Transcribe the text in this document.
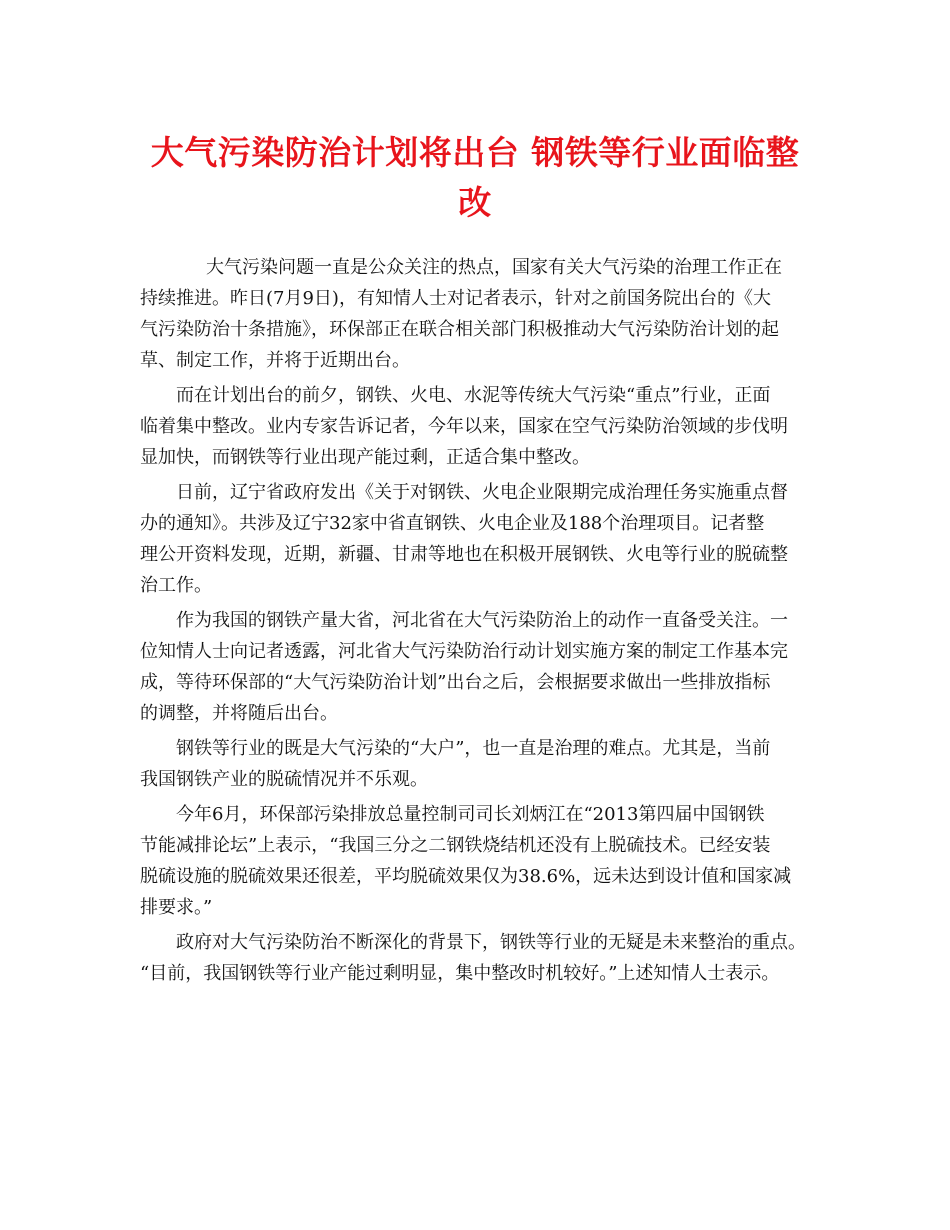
大气污染防治计划将出台 钢铁等行业面临整
改

大气污染问题一直是公众关注的热点，国家有关大气污染的治理工作正在
持续推进。昨日(7月9日)，有知情人士对记者表示，针对之前国务院出台的《大
气污染防治十条措施》，环保部正在联合相关部门积极推动大气污染防治计划的起
草、制定工作，并将于近期出台。

而在计划出台的前夕，钢铁、火电、水泥等传统大气污染“重点”行业，正面
临着集中整改。业内专家告诉记者，今年以来，国家在空气污染防治领域的步伐明
显加快，而钢铁等行业出现产能过剩，正适合集中整改。

日前，辽宁省政府发出《关于对钢铁、火电企业限期完成治理任务实施重点督
办的通知》。共涉及辽宁32家中省直钢铁、火电企业及188个治理项目。记者整
理公开资料发现，近期，新疆、甘肃等地也在积极开展钢铁、火电等行业的脱硫整
治工作。

作为我国的钢铁产量大省，河北省在大气污染防治上的动作一直备受关注。一
位知情人士向记者透露，河北省大气污染防治行动计划实施方案的制定工作基本完
成，等待环保部的“大气污染防治计划”出台之后，会根据要求做出一些排放指标
的调整，并将随后出台。

钢铁等行业的既是大气污染的“大户”，也一直是治理的难点。尤其是，当前
我国钢铁产业的脱硫情况并不乐观。

今年6月，环保部污染排放总量控制司司长刘炳江在“2013第四届中国钢铁
节能减排论坛”上表示，“我国三分之二钢铁烧结机还没有上脱硫技术。已经安装
脱硫设施的脱硫效果还很差，平均脱硫效果仅为38.6%，远未达到设计值和国家减
排要求。”

政府对大气污染防治不断深化的背景下，钢铁等行业的无疑是未来整治的重点。
“目前，我国钢铁等行业产能过剩明显，集中整改时机较好。”上述知情人士表示。
